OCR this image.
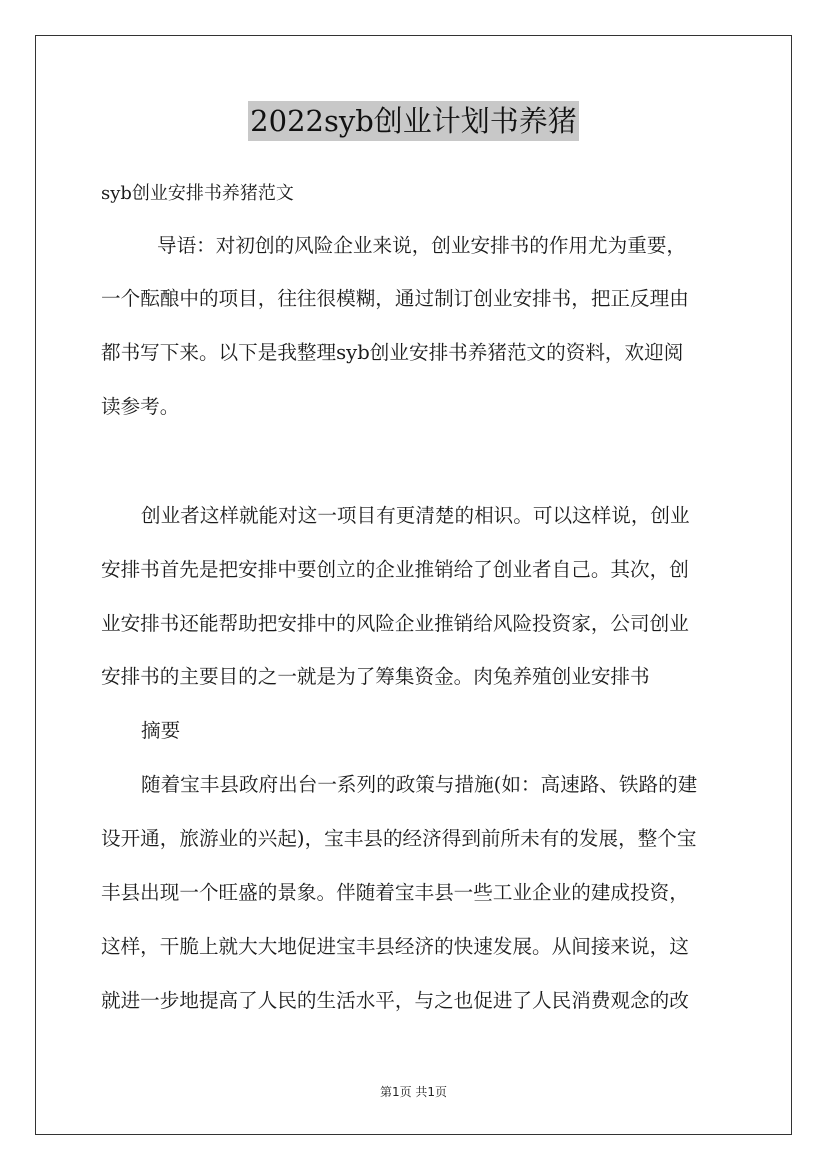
2022syb创业计划书养猪
syb创业安排书养猪范文
导语：对初创的风险企业来说，创业安排书的作用尤为重要，
一个酝酿中的项目，往往很模糊，通过制订创业安排书，把正反理由
都书写下来。以下是我整理syb创业安排书养猪范文的资料，欢迎阅
读参考。
创业者这样就能对这一项目有更清楚的相识。可以这样说，创业
安排书首先是把安排中要创立的企业推销给了创业者自己。其次，创
业安排书还能帮助把安排中的风险企业推销给风险投资家，公司创业
安排书的主要目的之一就是为了筹集资金。肉兔养殖创业安排书
摘要
随着宝丰县政府出台一系列的政策与措施(如：高速路、铁路的建
设开通，旅游业的兴起)，宝丰县的经济得到前所未有的发展，整个宝
丰县出现一个旺盛的景象。伴随着宝丰县一些工业企业的建成投资，
这样，干脆上就大大地促进宝丰县经济的快速发展。从间接来说，这
就进一步地提高了人民的生活水平，与之也促进了人民消费观念的改
第1页 共1页
